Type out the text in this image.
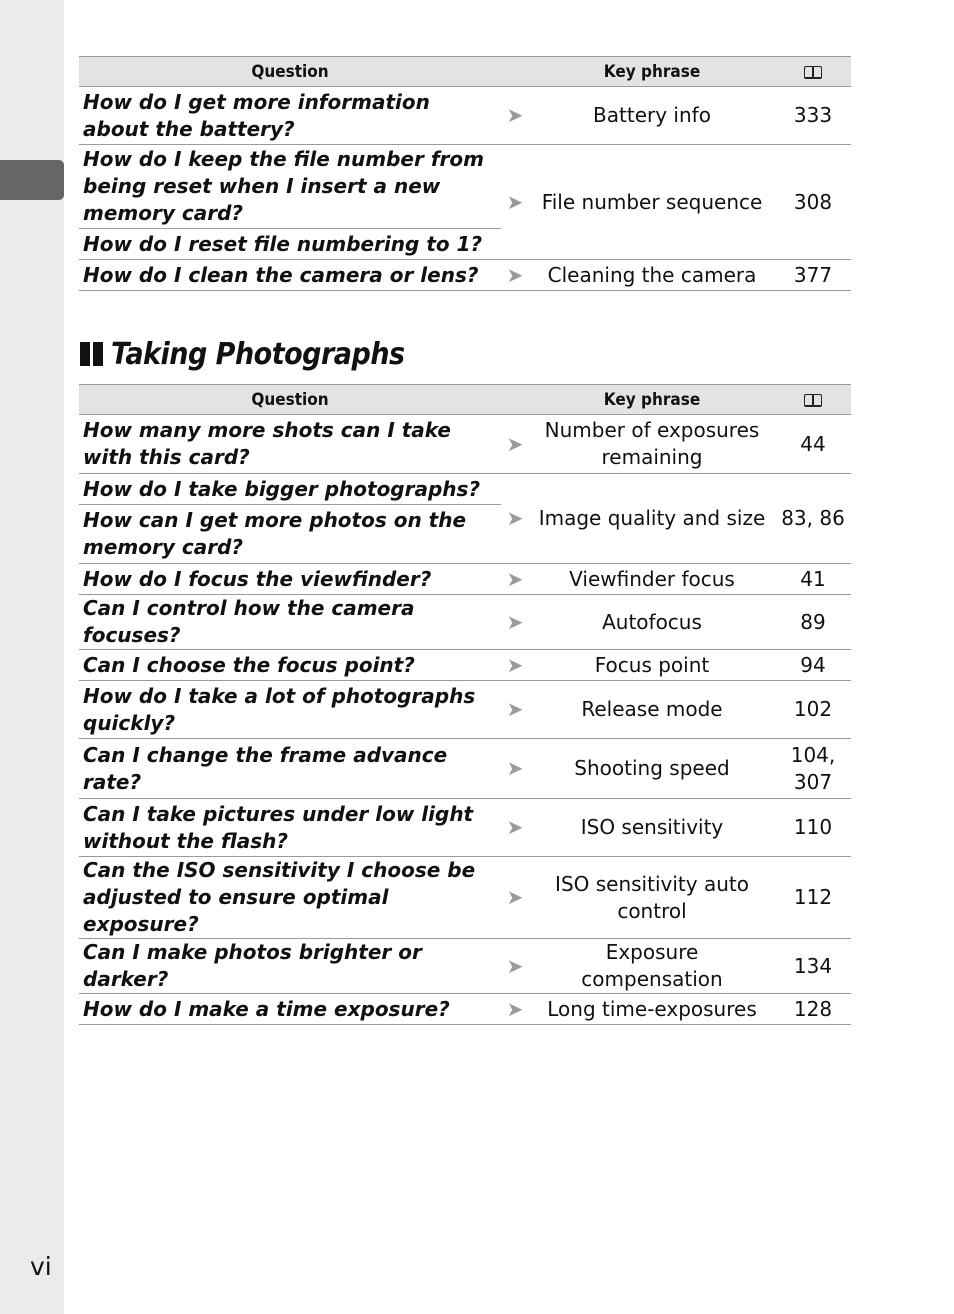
Question		Key phrase	
How do I get more information about the battery?	➤	Battery info	333
How do I keep the file number from being reset when I insert a new memory card?	➤	File number sequence	308
How do I reset file numbering to 1?			
How do I clean the camera or lens?	➤	Cleaning the camera	377
Taking Photographs
Question		Key phrase	
How many more shots can I take with this card?	➤	Number of exposures remaining	44
How do I take bigger photographs?	➤	Image quality and size	83, 86
How can I get more photos on the memory card?			
How do I focus the viewfinder?	➤	Viewfinder focus	41
Can I control how the camera focuses?	➤	Autofocus	89
Can I choose the focus point?	➤	Focus point	94
How do I take a lot of photographs quickly?	➤	Release mode	102
Can I change the frame advance rate?	➤	Shooting speed	104, 307
Can I take pictures under low light without the flash?	➤	ISO sensitivity	110
Can the ISO sensitivity I choose be adjusted to ensure optimal exposure?	➤	ISO sensitivity auto control	112
Can I make photos brighter or darker?	➤	Exposure compensation	134
How do I make a time exposure?	➤	Long time-exposures	128
vi
